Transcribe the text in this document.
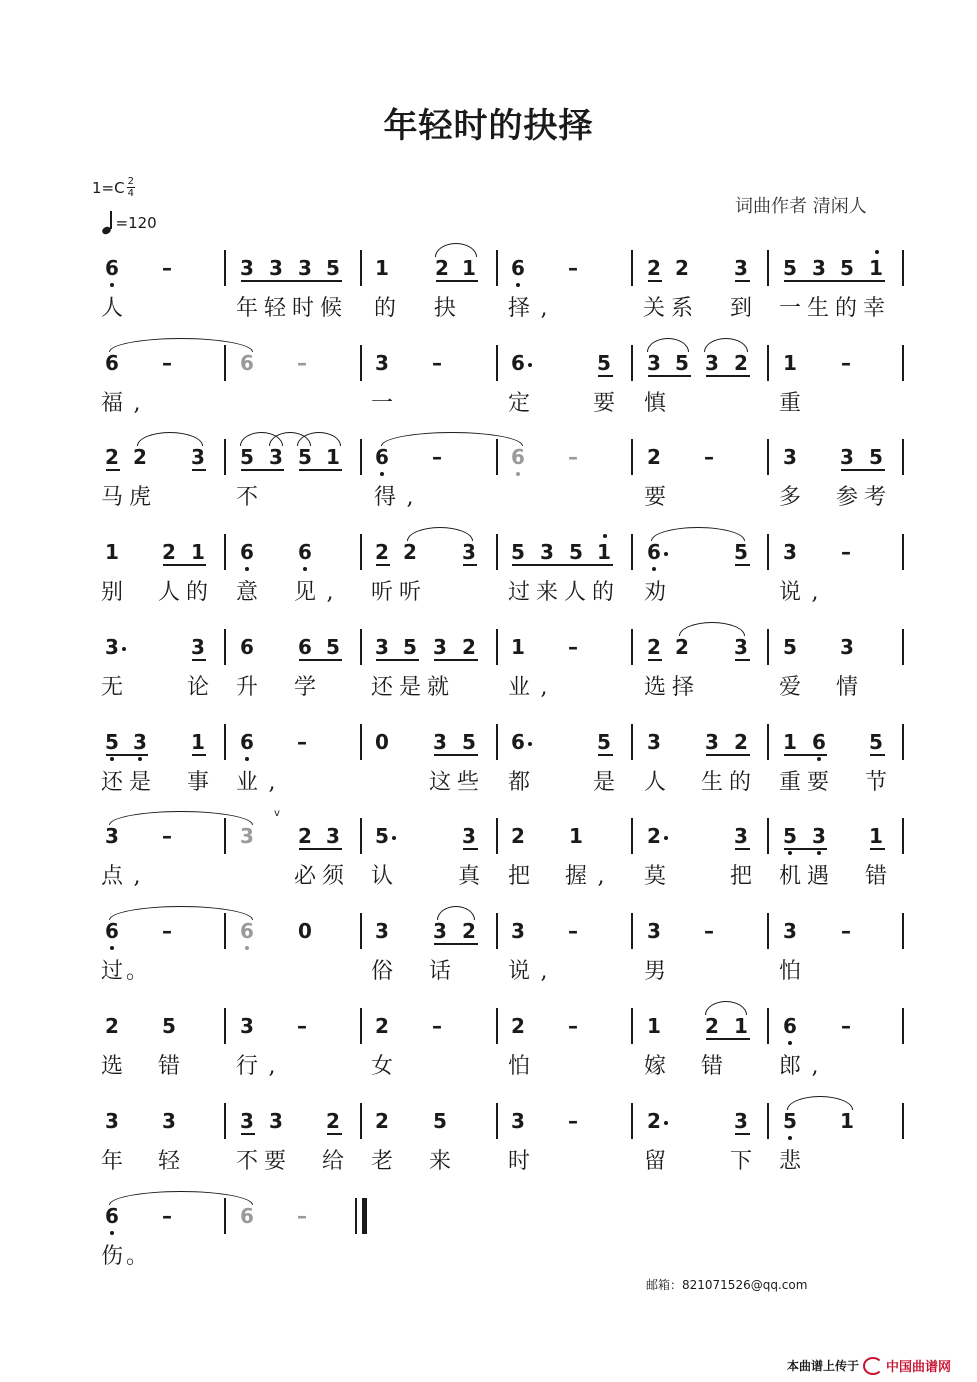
年轻时的抉择
$1=C \frac{2}{4}$
=120
词曲作者 清闲人
6	–	3 3 3 5 1 2 1 6	–	2 2 3 5 3 5 1
人	年 轻 时 候 的 抉 择 ,	关 系 到 一 生 的 幸
6	–	6	–	3	–	6	5 3 5 3 2 1	–
福 ,	一	定	要 慎	重
2 2 3 5 3 5 1 6	–	6	–	2	–	3 3 5
马 虎	不	得 ,	要	多 参 考
1 2 1 6 6	2 2 3 5 3 5 1 6	5 3	–
别 人 的 意 见 ,	听 听	过 来 人 的 劝	说 ,
3	3 6 6 5 3 5 3 2 1	–	2 2 3 5 3
无	论 升 学 还 是 就	业 ,	选 择	爱 情
5 3 1 6	–	0 3 5 6	5 3 3 2 1 6 5
还 是 事 业 ,	这 些 都	是 人 生 的 重 要 节
3	–	3 2 3 5	3 2 1	2	3 5 3 1
v
点 ,	必 须 认	真 把 握 ,	莫	把 机 遇 错
6	–	6 0	3 3 2 3	–	3	–	3	–
过 。	俗 话	说 ,	男	怕
2 5	3	–	2	–	2	–	1 2 1 6	–
选 错	行 ,	女	怕	嫁 错	郎 ,
3 3	3 3 2 2 5	3	–	2	3 5 1
年 轻	不 要 给 老 来	时	留	下 悲
6	–	6	–
伤 。
邮箱：821071526@qq.com
本曲谱上传于 中国曲谱网
